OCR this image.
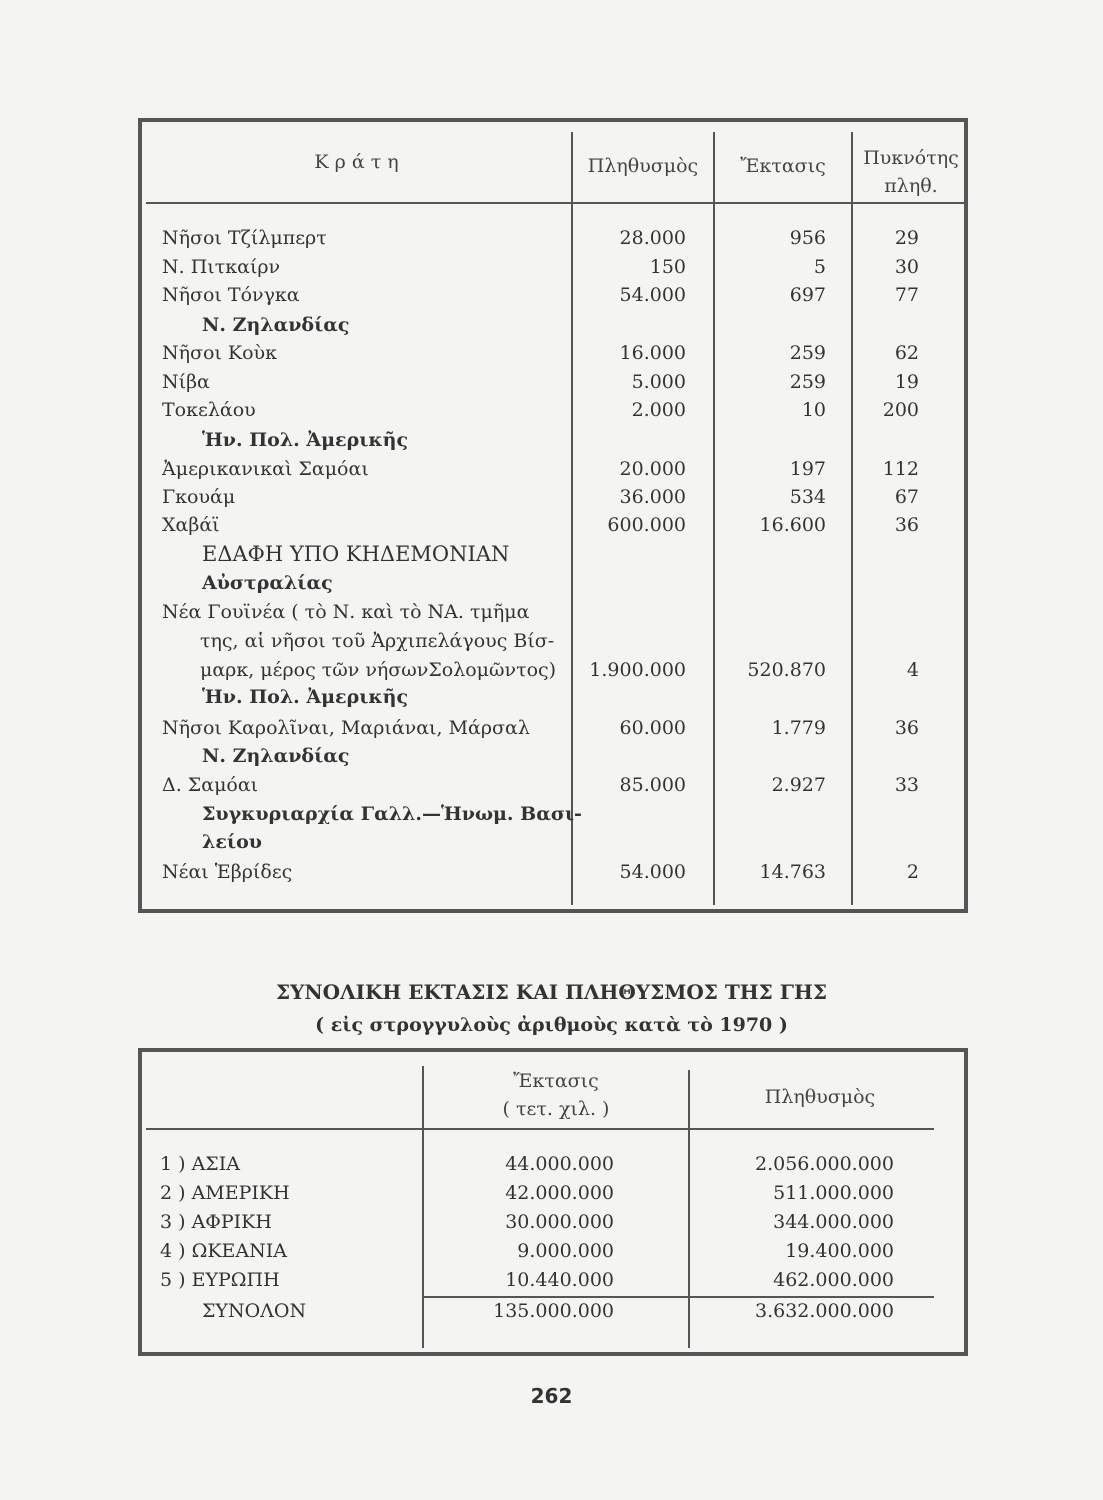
Κ ρ ά τ η	Πληθυσμὸς	Ἔκτασις	Πυκνότης
πληθ.
Νῆσοι Τζίλμπερτ	28.000	956	29
Ν. Πιτκαίρν	150	5	30
Νῆσοι Τόνγκα	54.000	697	77
Ν. Ζηλανδίας
Νῆσοι Κοὺκ	16.000	259	62
Νίβα	5.000	259	19
Τοκελάου	2.000	10	200
Ἡν. Πολ. Ἀμερικῆς
Ἀμερικανικαὶ Σαμόαι	20.000	197	112
Γκουάμ	36.000	534	67
Χαβάϊ	600.000	16.600	36
ΕΔΑΦΗ ΥΠΟ ΚΗΔΕΜΟΝΙΑΝ
Αὐστραλίας
Νέα Γουϊνέα ( τὸ Ν. καὶ τὸ ΝΑ. τμῆμα
της, αἱ νῆσοι τοῦ Ἀρχιπελάγους Βίσ-
μαρκ, μέρος τῶν νήσωνΣολομῶντος)	1.900.000	520.870	4
Ἡν. Πολ. Ἀμερικῆς
Νῆσοι Καρολῖναι, Μαριάναι, Μάρσαλ	60.000	1.779	36
Ν. Ζηλανδίας
Δ. Σαμόαι	85.000	2.927	33
Συγκυριαρχία Γαλλ.—Ἡνωμ. Βασι-
λείου
Νέαι Ἑβρίδες	54.000	14.763	2
ΣΥΝΟΛΙΚΗ ΕΚΤΑΣΙΣ ΚΑΙ ΠΛΗΘΥΣΜΟΣ ΤΗΣ ΓΗΣ
( εἰς στρογγυλοὺς ἀριθμοὺς κατὰ τὸ 1970 )
Ἔκτασις
( τετ. χιλ. )
Πληθυσμὸς
1 ) ΑΣΙΑ	44.000.000	2.056.000.000
2 ) ΑΜΕΡΙΚΗ	42.000.000	511.000.000
3 ) ΑΦΡΙΚΗ	30.000.000	344.000.000
4 ) ΩΚΕΑΝΙΑ	9.000.000	19.400.000
5 ) ΕΥΡΩΠΗ	10.440.000	462.000.000
ΣΥΝΟΛΟΝ	135.000.000	3.632.000.000
262
